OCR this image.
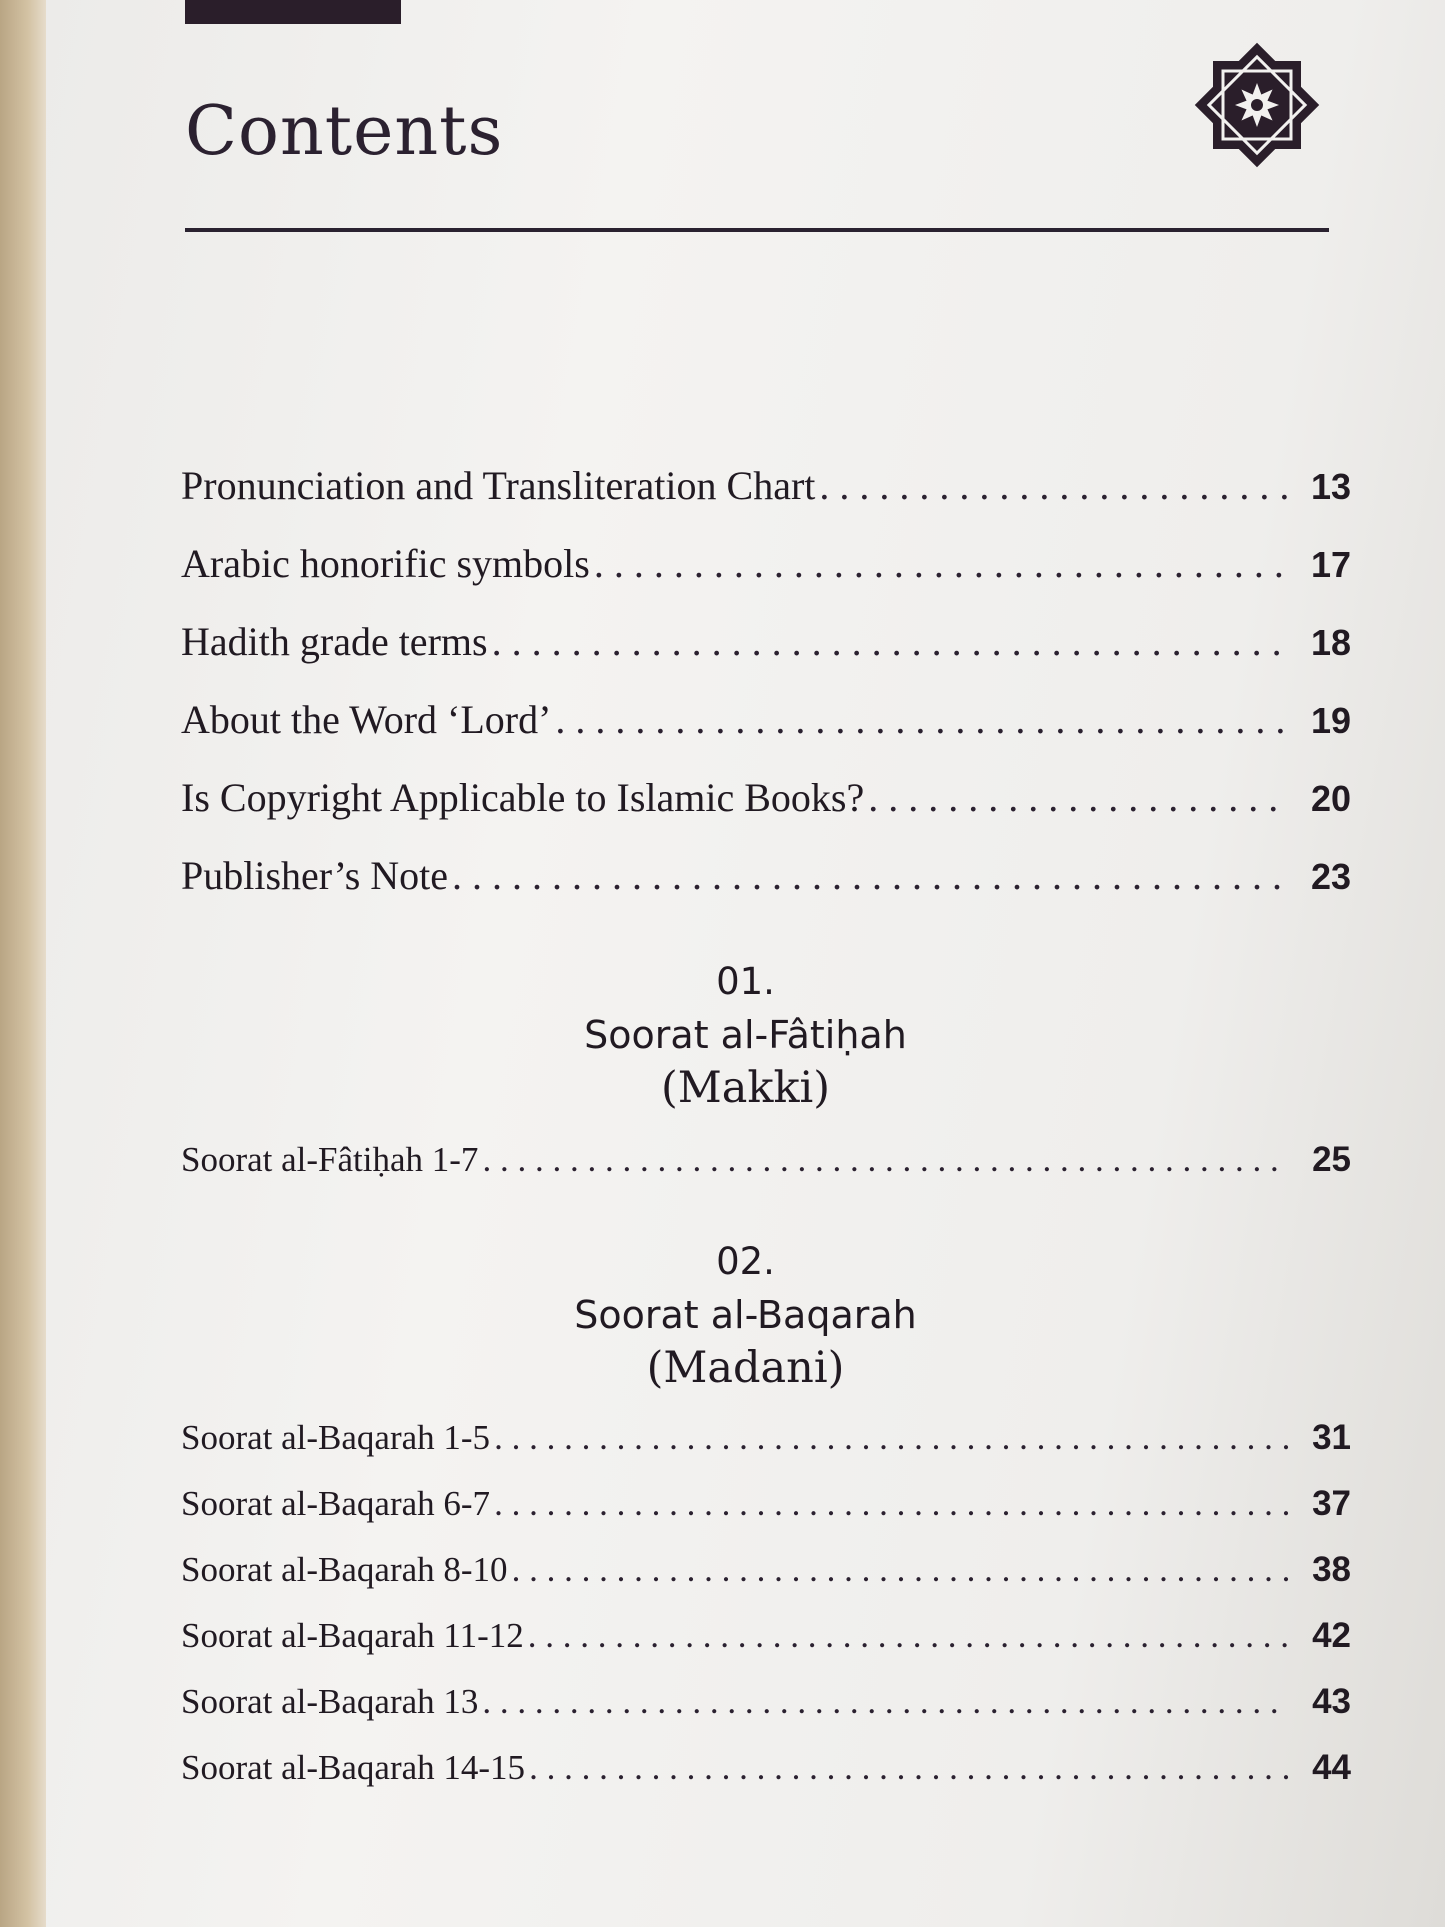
Contents
Pronunciation and Transliteration Chart . . .	13
Arabic honorific symbols . . .	17
Hadith grade terms . . .	18
About the Word ‘Lord’ . . .	19
Is Copyright Applicable to Islamic Books? . . .	20
Publisher’s Note . . .	23
01.
Soorat al-Fâtiḥah
(Makki)
Soorat al-Fâtiḥah 1-7 . . .	25
02.
Soorat al-Baqarah
(Madani)
Soorat al-Baqarah 1-5 . . .	31
Soorat al-Baqarah 6-7 . . .	37
Soorat al-Baqarah 8-10 . . .	38
Soorat al-Baqarah 11-12 . . .	42
Soorat al-Baqarah 13 . . .	43
Soorat al-Baqarah 14-15 . . .	44
